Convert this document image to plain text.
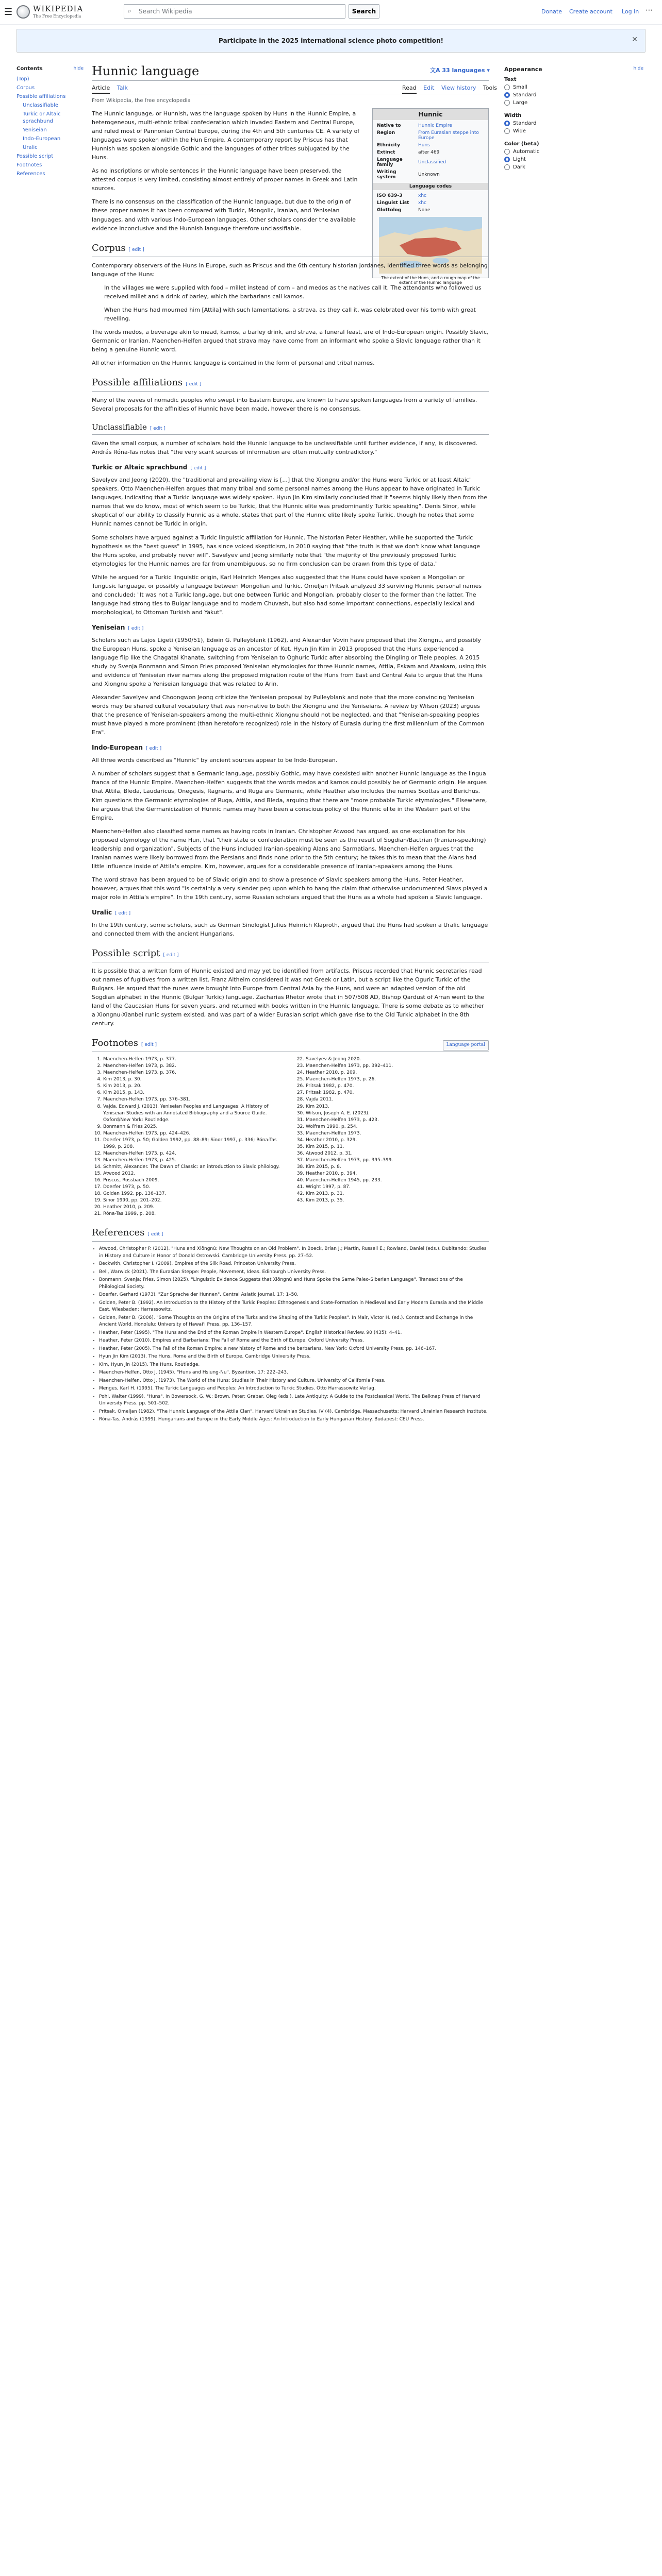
☰	WIKIPEDIA
The Free Encyclopedia
⌕	Search Wikipedia	Search	Donate Create account Log in ⋯
Participate in the 2025 international science photo competition!	✕
Contents	hide
(Top)
Corpus
Possible affiliations
Unclassifiable
Turkic or Altaic sprachbund
Yeniseian
Indo-European
Uralic
Possible script
Footnotes
References
Hunnic language	文A 33 languages ▾
Article Talk	Read Edit View history Tools
From Wikipedia, the free encyclopedia
Hunnic
Native to	Hunnic Empire
Region	From Eurasian steppe into Europe
Ethnicity	Huns
Extinct	after 469
Language family	Unclassified
Writing system	Unknown
Language codes
ISO 639-3	xhc
Linguist List	xhc
Glottolog	None
The extent of the Huns, and a rough map of the extent of the Hunnic language
Appearance	hide
Text
Small
Standard
Large
Width
Standard
Wide
Color (beta)
Automatic
Light
Dark

The Hunnic language, or Hunnish, was the language spoken by Huns in the Hunnic Empire, a heterogeneous, multi-ethnic tribal confederation which invaded Eastern and Central Europe, and ruled most of Pannonian Central Europe, during the 4th and 5th centuries CE. A variety of languages were spoken within the Hun Empire. A contemporary report by Priscus has that Hunnish was spoken alongside Gothic and the languages of other tribes subjugated by the Huns.

As no inscriptions or whole sentences in the Hunnic language have been preserved, the attested corpus is very limited, consisting almost entirely of proper names in Greek and Latin sources.

There is no consensus on the classification of the Hunnic language, but due to the origin of these proper names it has been compared with Turkic, Mongolic, Iranian, and Yeniseian languages, and with various Indo-European languages. Other scholars consider the available evidence inconclusive and the Hunnish language therefore unclassifiable.

Corpus [ edit ]

Contemporary observers of the Huns in Europe, such as Priscus and the 6th century historian Jordanes, identified three words as belonging language of the Huns:

In the villages we were supplied with food – millet instead of corn – and medos as the natives call it. The attendants who followed us received millet and a drink of barley, which the barbarians call kamos.
When the Huns had mourned him [Attila] with such lamentations, a strava, as they call it, was celebrated over his tomb with great revelling.

The words medos, a beverage akin to mead, kamos, a barley drink, and strava, a funeral feast, are of Indo-European origin. Possibly Slavic, Germanic or Iranian. Maenchen-Helfen argued that strava may have come from an informant who spoke a Slavic language rather than it being a genuine Hunnic word.

All other information on the Hunnic language is contained in the form of personal and tribal names.

Possible affiliations [ edit ]

Many of the waves of nomadic peoples who swept into Eastern Europe, are known to have spoken languages from a variety of families. Several proposals for the affinities of Hunnic have been made, however there is no consensus.

Unclassifiable [ edit ]

Given the small corpus, a number of scholars hold the Hunnic language to be unclassifiable until further evidence, if any, is discovered. András Róna-Tas notes that "the very scant sources of information are often mutually contradictory."

Turkic or Altaic sprachbund [ edit ]

Savelyev and Jeong (2020), the "traditional and prevailing view is [...] that the Xiongnu and/or the Huns were Turkic or at least Altaic" speakers. Otto Maenchen-Helfen argues that many tribal and some personal names among the Huns appear to have originated in Turkic languages, indicating that a Turkic language was widely spoken. Hyun Jin Kim similarly concluded that it "seems highly likely then from the names that we do know, most of which seem to be Turkic, that the Hunnic elite was predominantly Turkic speaking". Denis Sinor, while skeptical of our ability to classify Hunnic as a whole, states that part of the Hunnic elite likely spoke Turkic, though he notes that some Hunnic names cannot be Turkic in origin.

Some scholars have argued against a Turkic linguistic affiliation for Hunnic. The historian Peter Heather, while he supported the Turkic hypothesis as the "best guess" in 1995, has since voiced skepticism, in 2010 saying that "the truth is that we don't know what language the Huns spoke, and probably never will". Savelyev and Jeong similarly note that "the majority of the previously proposed Turkic etymologies for the Hunnic names are far from unambiguous, so no firm conclusion can be drawn from this type of data."

While he argued for a Turkic linguistic origin, Karl Heinrich Menges also suggested that the Huns could have spoken a Mongolian or Tungusic language, or possibly a language between Mongolian and Turkic. Omeljan Pritsak analyzed 33 surviving Hunnic personal names and concluded: "It was not a Turkic language, but one between Turkic and Mongolian, probably closer to the former than the latter. The language had strong ties to Bulgar language and to modern Chuvash, but also had some important connections, especially lexical and morphological, to Ottoman Turkish and Yakut".

Yeniseian [ edit ]

Scholars such as Lajos Ligeti (1950/51), Edwin G. Pulleyblank (1962), and Alexander Vovin have proposed that the Xiongnu, and possibly the European Huns, spoke a Yeniseian language as an ancestor of Ket. Hyun Jin Kim in 2013 proposed that the Huns experienced a language flip like the Chagatai Khanate, switching from Yeniseian to Oghuric Turkic after absorbing the Dingling or Tiele peoples. A 2015 study by Svenja Bonmann and Simon Fries proposed Yeniseian etymologies for three Hunnic names, Attila, Eskam and Ataakam, using this and evidence of Yeniseian river names along the proposed migration route of the Huns from East and Central Asia to argue that the Huns and Xiongnu spoke a Yeniseian language that was related to Arin.

Alexander Savelyev and Choongwon Jeong criticize the Yeniseian proposal by Pulleyblank and note that the more convincing Yeniseian words may be shared cultural vocabulary that was non-native to both the Xiongnu and the Yeniseians. A review by Wilson (2023) argues that the presence of Yeniseian-speakers among the multi-ethnic Xiongnu should not be neglected, and that "Yeniseian-speaking peoples must have played a more prominent (than heretofore recognized) role in the history of Eurasia during the first millennium of the Common Era".

Indo-European [ edit ]

All three words described as "Hunnic" by ancient sources appear to be Indo-European.

A number of scholars suggest that a Germanic language, possibly Gothic, may have coexisted with another Hunnic language as the lingua franca of the Hunnic Empire. Maenchen-Helfen suggests that the words medos and kamos could possibly be of Germanic origin. He argues that Attila, Bleda, Laudaricus, Onegesis, Ragnaris, and Ruga are Germanic, while Heather also includes the names Scottas and Berichus. Kim questions the Germanic etymologies of Ruga, Attila, and Bleda, arguing that there are "more probable Turkic etymologies." Elsewhere, he argues that the Germanicization of Hunnic names may have been a conscious policy of the Hunnic elite in the Western part of the Empire.

Maenchen-Helfen also classified some names as having roots in Iranian. Christopher Atwood has argued, as one explanation for his proposed etymology of the name Hun, that "their state or confederation must be seen as the result of Sogdian/Bactrian (Iranian-speaking) leadership and organization". Subjects of the Huns included Iranian-speaking Alans and Sarmatians. Maenchen-Helfen argues that the Iranian names were likely borrowed from the Persians and finds none prior to the 5th century; he takes this to mean that the Alans had little influence inside of Attila's empire. Kim, however, argues for a considerable presence of Iranian-speakers among the Huns.

The word strava has been argued to be of Slavic origin and to show a presence of Slavic speakers among the Huns. Peter Heather, however, argues that this word "is certainly a very slender peg upon which to hang the claim that otherwise undocumented Slavs played a major role in Attila's empire". In the 19th century, some Russian scholars argued that the Huns as a whole had spoken a Slavic language.

Uralic [ edit ]

In the 19th century, some scholars, such as German Sinologist Julius Heinrich Klaproth, argued that the Huns had spoken a Uralic language and connected them with the ancient Hungarians.

Possible script [ edit ]

It is possible that a written form of Hunnic existed and may yet be identified from artifacts. Priscus recorded that Hunnic secretaries read out names of fugitives from a written list. Franz Altheim considered it was not Greek or Latin, but a script like the Oguric Turkic of the Bulgars. He argued that the runes were brought into Europe from Central Asia by the Huns, and were an adapted version of the old Sogdian alphabet in the Hunnic (Bulgar Turkic) language. Zacharias Rhetor wrote that in 507/508 AD, Bishop Qardust of Arran went to the land of the Caucasian Huns for seven years, and returned with books written in the Hunnic language. There is some debate as to whether a Xiongnu-Xianbei runic system existed, and was part of a wider Eurasian script which gave rise to the Old Turkic alphabet in the 8th century.

Footnotes [ edit ]	Language portal
1. Maenchen-Helfen 1973, p. 377.
2. Maenchen-Helfen 1973, p. 382.
3. Maenchen-Helfen 1973, p. 376.
4. Kim 2013, p. 30.
5. Kim 2013, p. 20.
6. Kim 2015, p. 143.
7. Maenchen-Helfen 1973, pp. 376–381.
8. Vajda, Edward J. (2013). Yeniseian Peoples and Languages: A History of Yeniseian Studies with an Annotated Bibliography and a Source Guide. Oxford/New York: Routledge.
9. Bonmann & Fries 2025.
10. Maenchen-Helfen 1973, pp. 424–426.
11. Doerfer 1973, p. 50; Golden 1992, pp. 88–89; Sinor 1997, p. 336; Róna-Tas 1999, p. 208.
12. Maenchen-Helfen 1973, p. 424.
13. Maenchen-Helfen 1973, p. 425.
14. Schmitt, Alexander. The Dawn of Classic: an introduction to Slavic philology.
15. Atwood 2012.
16. Priscus, Rossbach 2009.
17. Doerfer 1973, p. 50.
18. Golden 1992, pp. 136–137.
19. Sinor 1990, pp. 201–202.
20. Heather 2010, p. 209.
21. Róna-Tas 1999, p. 208.
22. Savelyev & Jeong 2020.
23. Maenchen-Helfen 1973, pp. 392–411.
24. Heather 2010, p. 209.
25. Maenchen-Helfen 1973, p. 26.
26. Pritsak 1982, p. 470.
27. Pritsak 1982, p. 470.
28. Vajda 2011.
29. Kim 2013.
30. Wilson, Joseph A. E. (2023).
31. Maenchen-Helfen 1973, p. 423.
32. Wolfram 1990, p. 254.
33. Maenchen-Helfen 1973.
34. Heather 2010, p. 329.
35. Kim 2015, p. 11.
36. Atwood 2012, p. 31.
37. Maenchen-Helfen 1973, pp. 395–399.
38. Kim 2015, p. 8.
39. Heather 2010, p. 394.
40. Maenchen-Helfen 1945, pp. 233.
41. Wright 1997, p. 87.
42. Kim 2013, p. 31.
43. Kim 2013, p. 35.
References [ edit ]
• Atwood, Christopher P. (2012). "Huns and Xiōngnú: New Thoughts on an Old Problem". In Boeck, Brian J.; Martin, Russell E.; Rowland, Daniel (eds.). Dubitando: Studies in History and Culture in Honor of Donald Ostrowski. Cambridge University Press. pp. 27–52.
• Beckwith, Christopher I. (2009). Empires of the Silk Road. Princeton University Press.
• Bell, Warwick (2021). The Eurasian Steppe: People, Movement, Ideas. Edinburgh University Press.
• Bonmann, Svenja; Fries, Simon (2025). "Linguistic Evidence Suggests that Xiōngnú and Huns Spoke the Same Paleo-Siberian Language". Transactions of the Philological Society.
• Doerfer, Gerhard (1973). "Zur Sprache der Hunnen". Central Asiatic Journal. 17: 1–50.
• Golden, Peter B. (1992). An Introduction to the History of the Turkic Peoples: Ethnogenesis and State-Formation in Medieval and Early Modern Eurasia and the Middle East. Wiesbaden: Harrassowitz.
• Golden, Peter B. (2006). "Some Thoughts on the Origins of the Turks and the Shaping of the Turkic Peoples". In Mair, Victor H. (ed.). Contact and Exchange in the Ancient World. Honolulu: University of Hawai'i Press. pp. 136–157.
• Heather, Peter (1995). "The Huns and the End of the Roman Empire in Western Europe". English Historical Review. 90 (435): 4–41.
• Heather, Peter (2010). Empires and Barbarians: The Fall of Rome and the Birth of Europe. Oxford University Press.
• Heather, Peter (2005). The Fall of the Roman Empire: a new history of Rome and the barbarians. New York: Oxford University Press. pp. 146–167.
• Hyun Jin Kim (2013). The Huns, Rome and the Birth of Europe. Cambridge University Press.
• Kim, Hyun Jin (2015). The Huns. Routledge.
• Maenchen-Helfen, Otto J. (1945). "Huns and Hsiung-Nu". Byzantion. 17: 222–243.
• Maenchen-Helfen, Otto J. (1973). The World of the Huns: Studies in Their History and Culture. University of California Press.
• Menges, Karl H. (1995). The Turkic Languages and Peoples: An Introduction to Turkic Studies. Otto Harrassowitz Verlag.
• Pohl, Walter (1999). "Huns". In Bowersock, G. W.; Brown, Peter; Grabar, Oleg (eds.). Late Antiquity: A Guide to the Postclassical World. The Belknap Press of Harvard University Press. pp. 501–502.
• Pritsak, Omeljan (1982). "The Hunnic Language of the Attila Clan". Harvard Ukrainian Studies. IV (4). Cambridge, Massachusetts: Harvard Ukrainian Research Institute.
• Róna-Tas, András (1999). Hungarians and Europe in the Early Middle Ages: An Introduction to Early Hungarian History. Budapest: CEU Press.
